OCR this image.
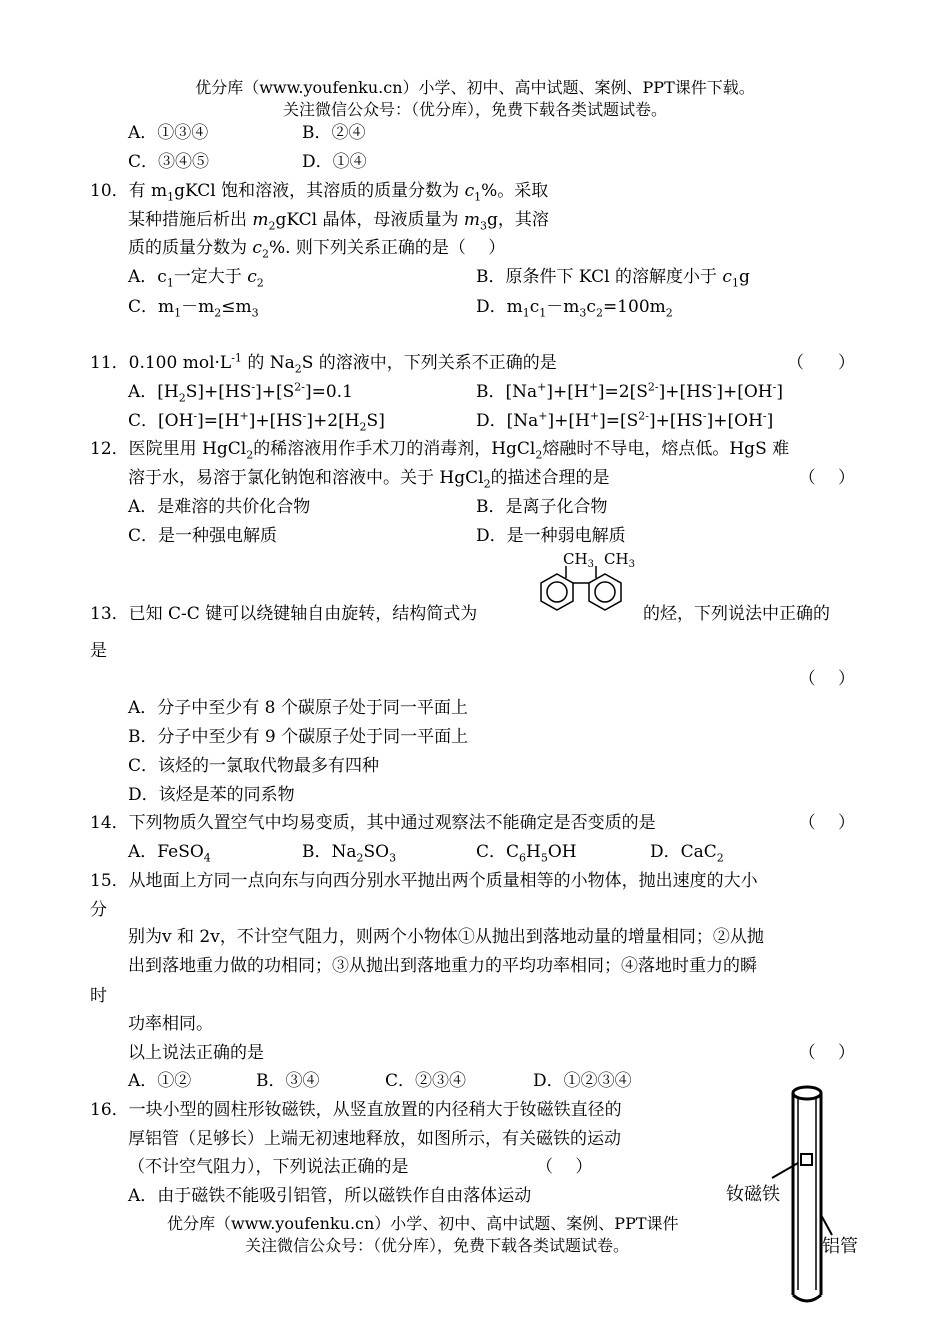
优分库（www.youfenku.cn）小学、初中、高中试题、案例、PPT课件下载。
关注微信公众号：（优分库），免费下载各类试题试卷。
A．①③④	B．②④
C．③④⑤	D．①④
10．有 $m_1gKCl$ 饱和溶液，其溶质的质量分数为 $c_1\%$。采取
某种措施后析出 $m_2gKCl$ 晶体，母液质量为 $m_3g$，其溶
质的质量分数为 $c_2\%$. 则下列关系正确的是（　 ）
A．$c_1$一定大于 $c_2$	B．原条件下 KCl 的溶解度小于 $c_1g$
C．$m_1-m_2\le m_3$	D．$m_1c_1-m_3c_2=100m_2$
11．0.100 $mol\cdot L^{-1}$ 的 $Na_2S$ 的溶液中，下列关系不正确的是	（　　）
A．$[H_2S]+[HS^-]+[S^{2-}]=0.1$	B．$[Na^+]+[H^+]=2[S^{2-}]+[HS^-]+[OH^-]$
C．$[OH^-]=[H^+]+[HS^-]+2[H_2S]$	D．$[Na^+]+[H^+]=[S^{2-}]+[HS^-]+[OH^-]$
12．医院里用 HgCl$_2$的稀溶液用作手术刀的消毒剂，HgCl$_2$熔融时不导电，熔点低。HgS 难
溶于水，易溶于氯化钠饱和溶液中。关于 HgCl$_2$的描述合理的是	（　 ）
A．是难溶的共价化合物	B．是离子化合物
C．是一种强电解质	D．是一种弱电解质
13．已知 C-C 键可以绕键轴自由旋转，结构简式为
$CH_3$ $CH_3$
的烃，下列说法中正确的
是
（　 ）
A．分子中至少有 8 个碳原子处于同一平面上
B．分子中至少有 9 个碳原子处于同一平面上
C．该烃的一氯取代物最多有四种
D．该烃是苯的同系物
14．下列物质久置空气中均易变质，其中通过观察法不能确定是否变质的是	（　 ）
A．FeSO$_4$	B．$Na_2SO_3$	C．$C_6H_5OH$	D．CaC$_2$
15．从地面上方同一点向东与向西分别水平抛出两个质量相等的小物体，抛出速度的大小
分
别为v 和 2v，不计空气阻力，则两个小物体①从抛出到落地动量的增量相同；②从抛
出到落地重力做的功相同；③从抛出到落地重力的平均功率相同；④落地时重力的瞬
时
功率相同。
以上说法正确的是	（　 ）
A．①②	B．③④	C．②③④	D．①②③④
16．一块小型的圆柱形钕磁铁，从竖直放置的内径稍大于钕磁铁直径的
厚铝管（足够长）上端无初速地释放，如图所示，有关磁铁的运动
（不计空气阻力），下列说法正确的是	（　 ）
A．由于磁铁不能吸引铝管，所以磁铁作自由落体运动	钕磁铁
铝管
优分库（www.youfenku.cn）小学、初中、高中试题、案例、PPT课件
关注微信公众号：（优分库），免费下载各类试题试卷。
